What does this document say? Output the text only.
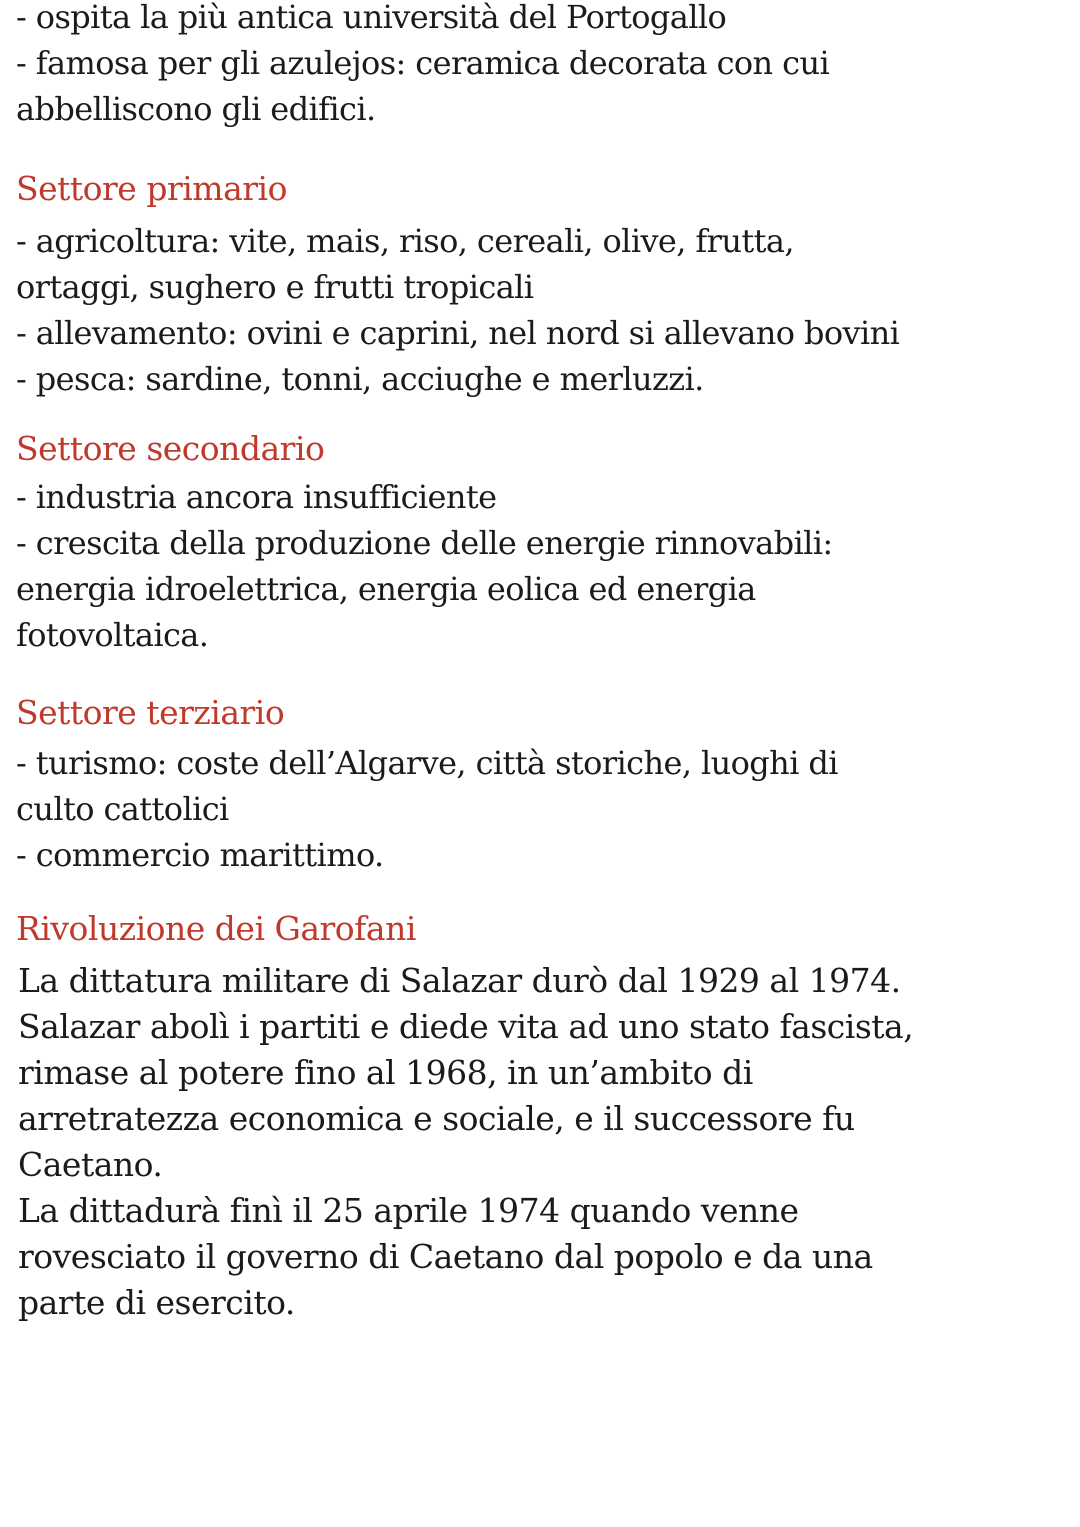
- ospita la più antica università del Portogallo

- famosa per gli azulejos: ceramica decorata con cui

abbelliscono gli edifici.

Settore primario

- agricoltura: vite, mais, riso, cereali, olive, frutta,

ortaggi, sughero e frutti tropicali

- allevamento: ovini e caprini, nel nord si allevano bovini

- pesca: sardine, tonni, acciughe e merluzzi.

Settore secondario

- industria ancora insufficiente

- crescita della produzione delle energie rinnovabili:

energia idroelettrica, energia eolica ed energia

fotovoltaica.

Settore terziario

- turismo: coste dell’Algarve, città storiche, luoghi di

culto cattolici

- commercio marittimo.

Rivoluzione dei Garofani

La dittatura militare di Salazar durò dal 1929 al 1974.

Salazar abolì i partiti e diede vita ad uno stato fascista,

rimase al potere fino al 1968, in un’ambito di

arretratezza economica e sociale, e il successore fu

Caetano.

La dittadurà finì il 25 aprile 1974 quando venne

rovesciato il governo di Caetano dal popolo e da una

parte di esercito.
